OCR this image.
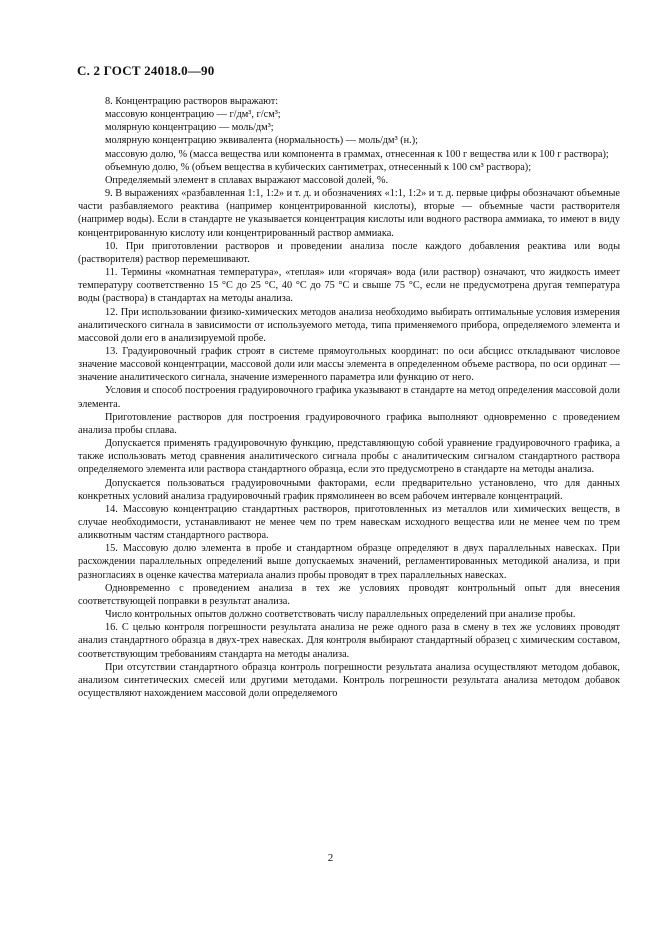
С. 2 ГОСТ 24018.0—90

8. Концентрацию растворов выражают:

массовую концентрацию — г/дм³, г/см³;

молярную концентрацию — моль/дм³;

молярную концентрацию эквивалента (нормальность) — моль/дм³ (н.);

массовую долю, % (масса вещества или компонента в граммах, отнесенная к 100 г вещества или к 100 г раствора);

объемную долю, % (объем вещества в кубических сантиметрах, отнесенный к 100 см³ раствора);

Определяемый элемент в сплавах выражают массовой долей, %.

9. В выражениях «разбавленная 1:1, 1:2» и т. д. и обозначениях «1:1, 1:2» и т. д. первые цифры обозначают объемные части разбавляемого реактива (например концентрированной кислоты), вторые — объемные части растворителя (например воды). Если в стандарте не указывается концентрация кислоты или водного раствора аммиака, то имеют в виду концентрированную кислоту или концентрированный раствор аммиака.

10. При приготовлении растворов и проведении анализа после каждого добавления реактива или воды (растворителя) раствор перемешивают.

11. Термины «комнатная температура», «теплая» или «горячая» вода (или раствор) означают, что жидкость имеет температуру соответственно 15 °С до 25 °С, 40 °С до 75 °С и свыше 75 °С, если не предусмотрена другая температура воды (раствора) в стандартах на методы анализа.

12. При использовании физико-химических методов анализа необходимо выбирать оптимальные условия измерения аналитического сигнала в зависимости от используемого метода, типа применяемого прибора, определяемого элемента и массовой доли его в анализируемой пробе.

13. Градуировочный график строят в системе прямоугольных координат: по оси абсцисс откладывают числовое значение массовой концентрации, массовой доли или массы элемента в определенном объеме раствора, по оси ординат — значение аналитического сигнала, значение измеренного параметра или функцию от него.

Условия и способ построения градуировочного графика указывают в стандарте на метод определения массовой доли элемента.

Приготовление растворов для построения градуировочного графика выполняют одновременно с проведением анализа пробы сплава.

Допускается применять градуировочную функцию, представляющую собой уравнение градуировочного графика, а также использовать метод сравнения аналитического сигнала пробы с аналитическим сигналом стандартного раствора определяемого элемента или раствора стандартного образца, если это предусмотрено в стандарте на методы анализа.

Допускается пользоваться градуировочными факторами, если предварительно установлено, что для данных конкретных условий анализа градуировочный график прямолинеен во всем рабочем интервале концентраций.

14. Массовую концентрацию стандартных растворов, приготовленных из металлов или химических веществ, в случае необходимости, устанавливают не менее чем по трем навескам исходного вещества или не менее чем по трем аликвотным частям стандартного раствора.

15. Массовую долю элемента в пробе и стандартном образце определяют в двух параллельных навесках. При расхождении параллельных определений выше допускаемых значений, регламентированных методикой анализа, и при разногласиях в оценке качества материала анализ пробы проводят в трех параллельных навесках.

Одновременно с проведением анализа в тех же условиях проводят контрольный опыт для внесения соответствующей поправки в результат анализа.

Число контрольных опытов должно соответствовать числу параллельных определений при анализе пробы.

16. С целью контроля погрешности результата анализа не реже одного раза в смену в тех же условиях проводят анализ стандартного образца в двух-трех навесках. Для контроля выбирают стандартный образец с химическим составом, соответствующим требованиям стандарта на методы анализа.

При отсутствии стандартного образца контроль погрешности результата анализа осуществляют методом добавок, анализом синтетических смесей или другими методами. Контроль погрешности результата анализа методом добавок осуществляют нахождением массовой доли определяемого

2
